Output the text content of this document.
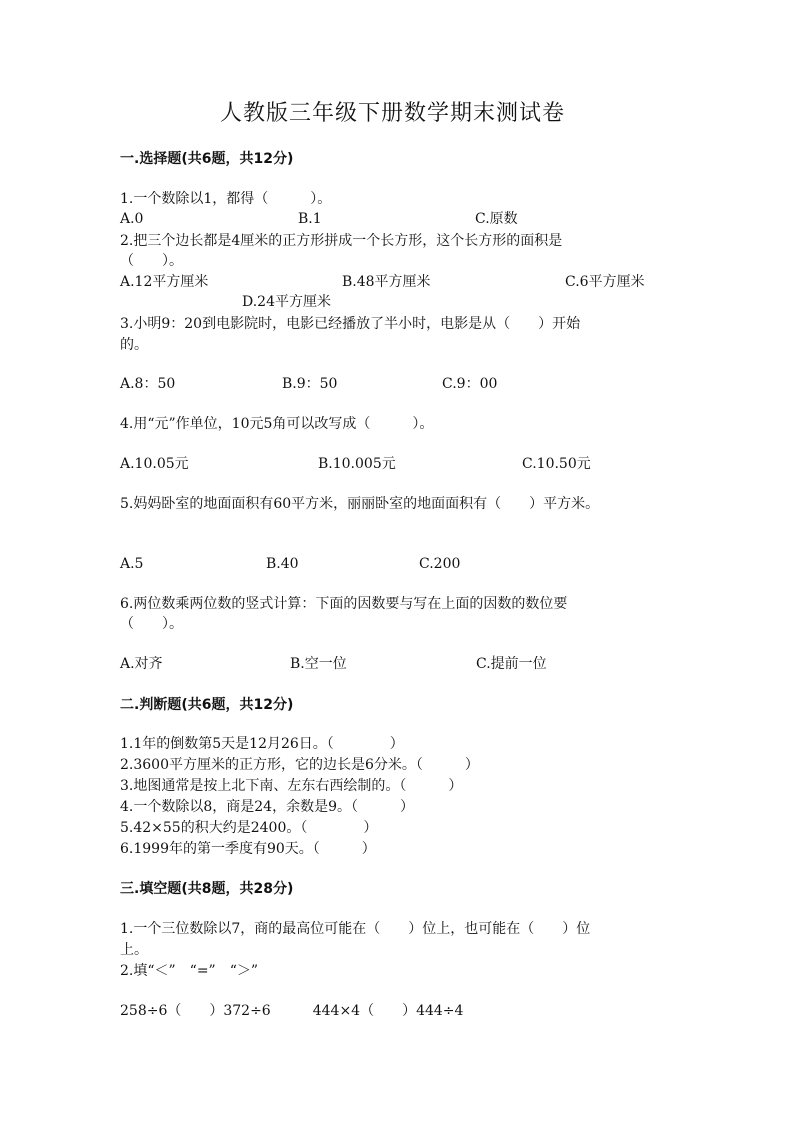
人教版三年级下册数学期末测试卷
一.选择题(共6题，共12分)
1.一个数除以1，都得（　　　）。
A.0	B.1	C.原数
2.把三个边长都是4厘米的正方形拼成一个长方形，这个长方形的面积是
（　　）。
A.12平方厘米	B.48平方厘米	C.6平方厘米
D.24平方厘米
3.小明9：20到电影院时，电影已经播放了半小时，电影是从（　　）开始
的。
A.8：50	B.9：50	C.9：00
4.用“元”作单位，10元5角可以改写成（　　　）。
A.10.05元	B.10.005元	C.10.50元
5.妈妈卧室的地面面积有60平方米，丽丽卧室的地面面积有（　　）平方米。
A.5	B.40	C.200
6.两位数乘两位数的竖式计算：下面的因数要与写在上面的因数的数位要
（　　）。
A.对齐	B.空一位	C.提前一位
二.判断题(共6题，共12分)
1.1年的倒数第5天是12月26日。（　　　　）
2.3600平方厘米的正方形，它的边长是6分米。（　　　）
3.地图通常是按上北下南、左东右西绘制的。（　　　）
4.一个数除以8，商是24，余数是9。（　　　）
5.42×55的积大约是2400。（　　　　）
6.1999年的第一季度有90天。（　　　）
三.填空题(共8题，共28分)
1.一个三位数除以7，商的最高位可能在（　　）位上，也可能在（　　）位
上。
2.填“＜”　“=”　“＞”
258÷6（　　）372÷6　　　444×4（　　）444÷4
